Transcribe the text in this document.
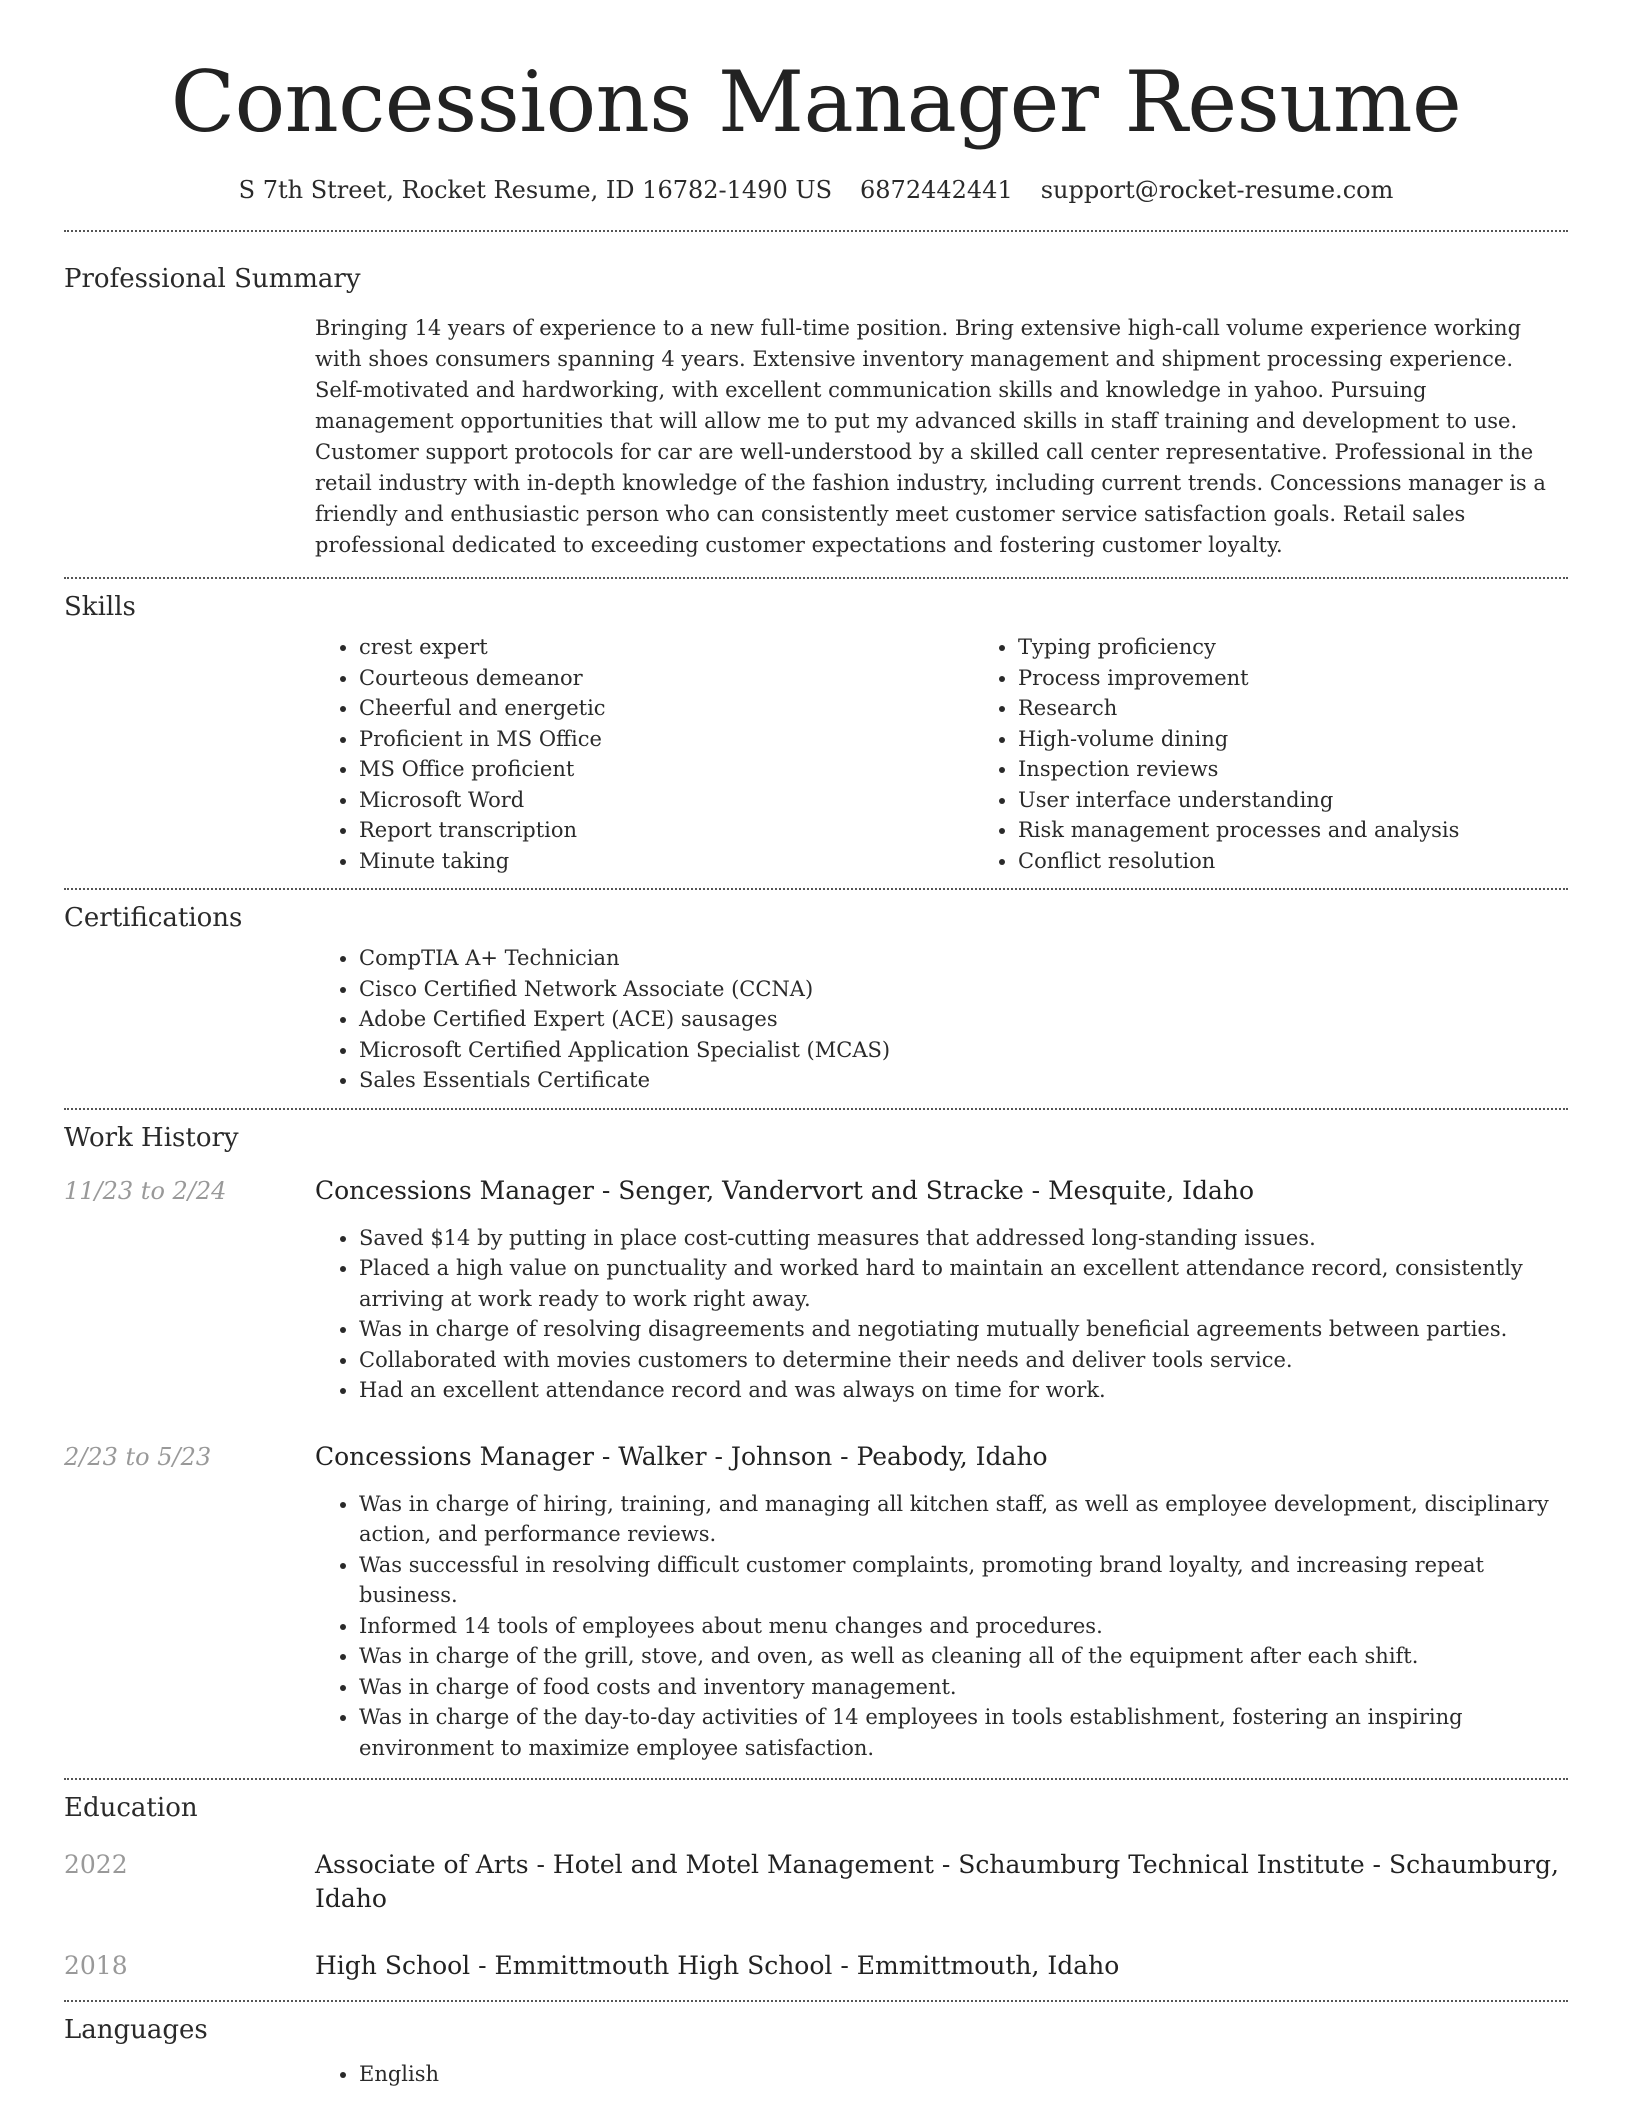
Concessions Manager Resume
S 7th Street, Rocket Resume, ID 16782-1490 US 6872442441 support@rocket-resume.com
Professional Summary

Bringing 14 years of experience to a new full-time position. Bring extensive high-call volume experience working with shoes consumers spanning 4 years. Extensive inventory management and shipment processing experience. Self-motivated and hardworking, with excellent communication skills and knowledge in yahoo. Pursuing management opportunities that will allow me to put my advanced skills in staff training and development to use. Customer support protocols for car are well-understood by a skilled call center representative. Professional in the retail industry with in-depth knowledge of the fashion industry, including current trends. Concessions manager is a friendly and enthusiastic person who can consistently meet customer service satisfaction goals. Retail sales professional dedicated to exceeding customer expectations and fostering customer loyalty.

Skills
• crest expert
• Courteous demeanor
• Cheerful and energetic
• Proficient in MS Office
• MS Office proficient
• Microsoft Word
• Report transcription
• Minute taking
• Typing proficiency
• Process improvement
• Research
• High-volume dining
• Inspection reviews
• User interface understanding
• Risk management processes and analysis
• Conflict resolution
Certifications
• CompTIA A+ Technician
• Cisco Certified Network Associate (CCNA)
• Adobe Certified Expert (ACE) sausages
• Microsoft Certified Application Specialist (MCAS)
• Sales Essentials Certificate
Work History
11/23 to 2/24	Concessions Manager - Senger, Vandervort and Stracke - Mesquite, Idaho
• Saved $14 by putting in place cost-cutting measures that addressed long-standing issues.
• Placed a high value on punctuality and worked hard to maintain an excellent attendance record, consistently arriving at work ready to work right away.
• Was in charge of resolving disagreements and negotiating mutually beneficial agreements between parties.
• Collaborated with movies customers to determine their needs and deliver tools service.
• Had an excellent attendance record and was always on time for work.
2/23 to 5/23	Concessions Manager - Walker - Johnson - Peabody, Idaho
• Was in charge of hiring, training, and managing all kitchen staff, as well as employee development, disciplinary action, and performance reviews.
• Was successful in resolving difficult customer complaints, promoting brand loyalty, and increasing repeat business.
• Informed 14 tools of employees about menu changes and procedures.
• Was in charge of the grill, stove, and oven, as well as cleaning all of the equipment after each shift.
• Was in charge of food costs and inventory management.
• Was in charge of the day-to-day activities of 14 employees in tools establishment, fostering an inspiring environment to maximize employee satisfaction.
Education
2022	Associate of Arts - Hotel and Motel Management - Schaumburg Technical Institute - Schaumburg, Idaho
2018	High School - Emmittmouth High School - Emmittmouth, Idaho
Languages
• English
